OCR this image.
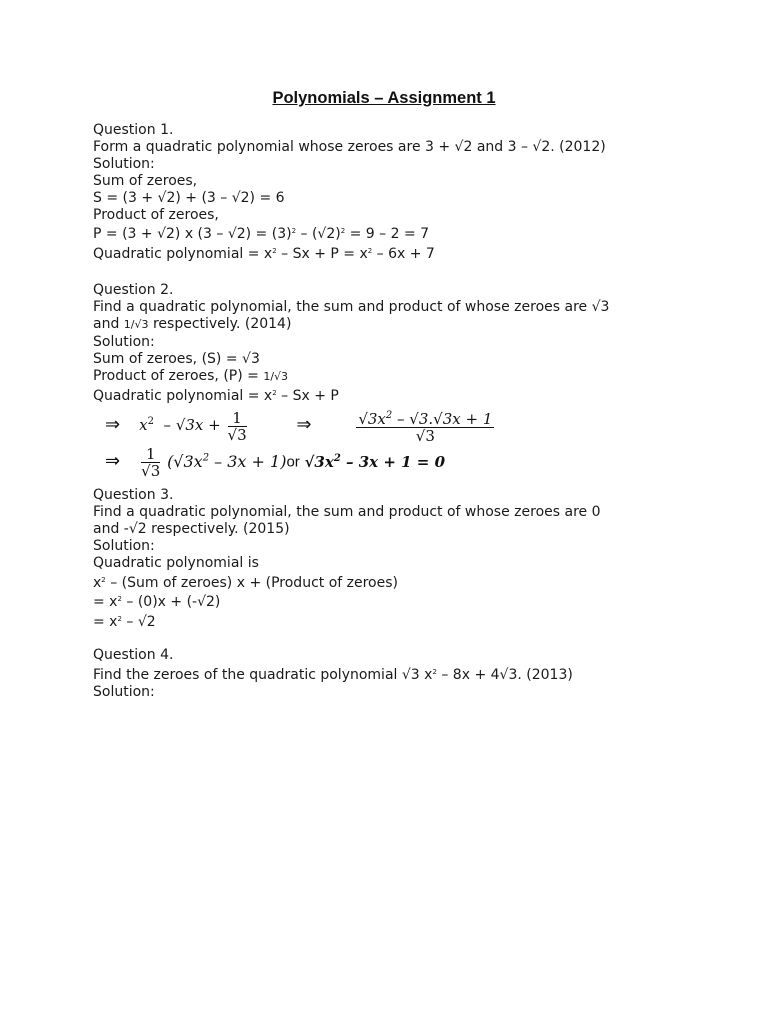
Polynomials – Assignment 1
Question 1.
Form a quadratic polynomial whose zeroes are 3 + √2 and 3 – √2. (2012)
Solution:
Sum of zeroes,
S = (3 + √2) + (3 – √2) = 6
Product of zeroes,
P = (3 + √2) x $(3 - √2) = (3)^2 - (√2)^2 = 9 - 2 = 7$
Quadratic polynomial = $x^2 - Sx + P = x^2 - 6x + 7$
Question 2.
Find a quadratic polynomial, the sum and product of whose zeroes are √3
and 1/√3 respectively. (2014)
Solution:
Sum of zeroes, (S) = √3
Product of zeroes, (P) = 1/√3
Quadratic polynomial = $x^2 - Sx + P$
⇒ $x^2 - √3x + \frac{1}{√3}$	⇒	$\frac{√3x^2 - √3.√3x + 1}{√3}$
⇒ $\frac{1}{√3} (√3x^2 - 3x + 1)or$ $√3x^2 - 3x + 1 = 0$
Question 3.
Find a quadratic polynomial, the sum and product of whose zeroes are 0
and -√2 respectively. (2015)
Solution:
Quadratic polynomial is
$x^2 - (Sum$ of zeroes) x + (Product of zeroes)
= $x^2 - (0)x + (-√2)$
= $x^2 - √2$
Question 4.
Find the zeroes of the quadratic polynomial √3 $x^2 - 8x + 4√3$. (2013)
Solution:
